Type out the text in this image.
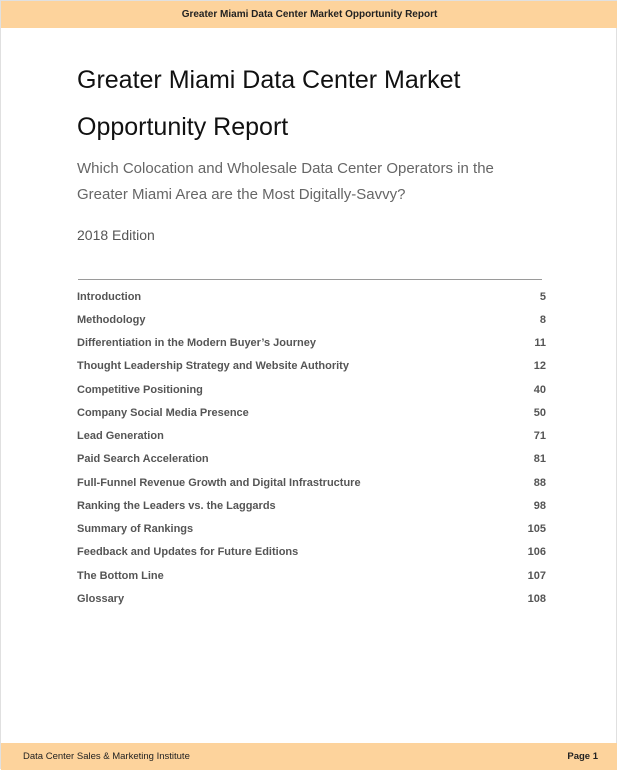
Greater Miami Data Center Market Opportunity Report
Greater Miami Data Center Market Opportunity Report

Which Colocation and Wholesale Data Center Operators in the Greater Miami Area are the Most Digitally-Savvy?

2018 Edition

Introduction	5
Methodology	8
Differentiation in the Modern Buyer’s Journey	11
Thought Leadership Strategy and Website Authority	12
Competitive Positioning	40
Company Social Media Presence	50
Lead Generation	71
Paid Search Acceleration	81
Full-Funnel Revenue Growth and Digital Infrastructure	88
Ranking the Leaders vs. the Laggards	98
Summary of Rankings	105
Feedback and Updates for Future Editions	106
The Bottom Line	107
Glossary	108
Data Center Sales & Marketing Institute	Page 1
